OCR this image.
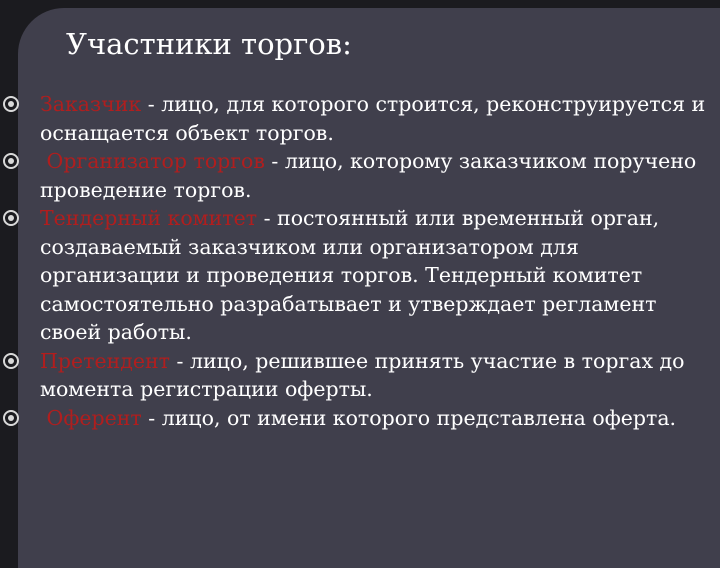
Участники торгов:
Заказчик - лицо, для которого строится, реконструируется и оснащается объект торгов.
Организатор торгов - лицо, которому заказчиком поручено проведение торгов.
Тендерный комитет - постоянный или временный орган, создаваемый заказчиком или организатором для организации и проведения торгов. Тендерный комитет самостоятельно разрабатывает и утверждает регламент своей работы.
Претендент - лицо, решившее принять участие в торгах до момента регистрации оферты.
Оферент - лицо, от имени которого представлена оферта.
